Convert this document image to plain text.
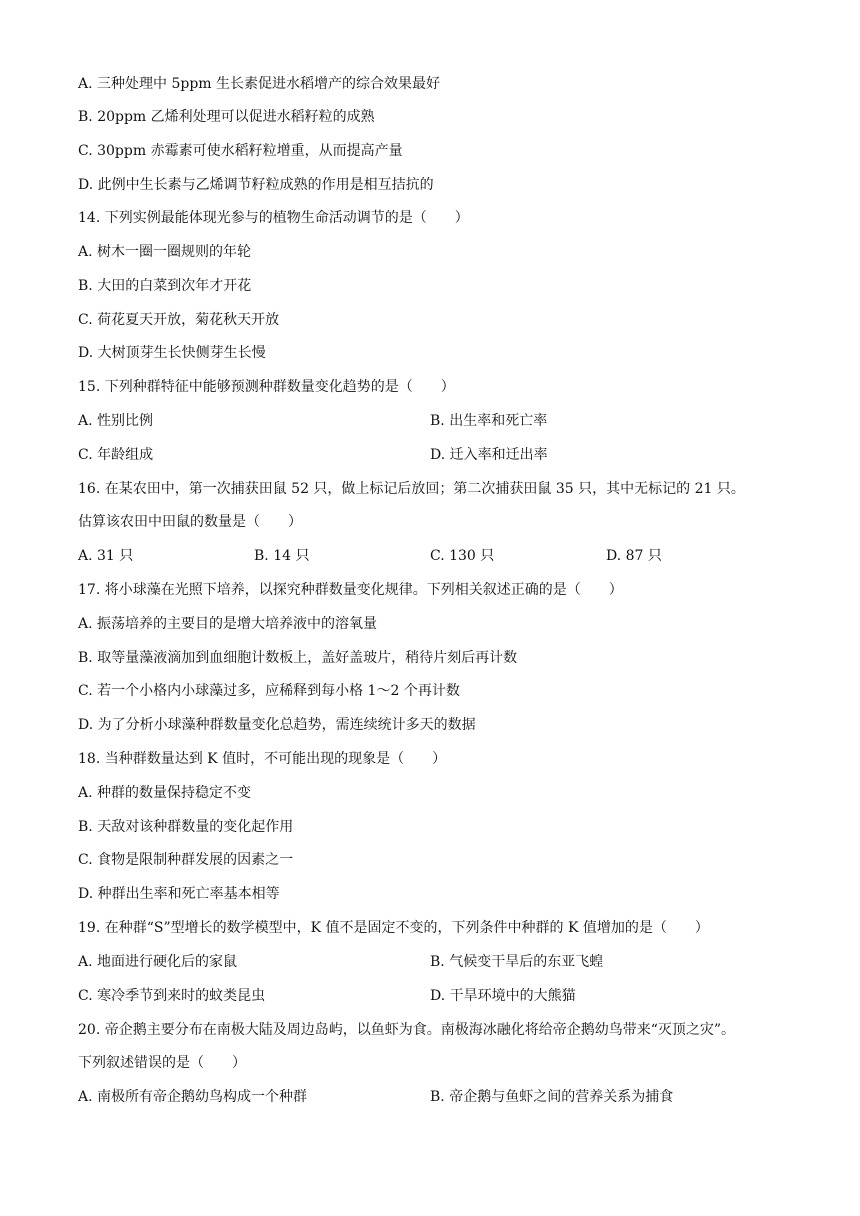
A. 三种处理中 5ppm 生长素促进水稻增产的综合效果最好
B. 20ppm 乙烯利处理可以促进水稻籽粒的成熟
C. 30ppm 赤霉素可使水稻籽粒增重，从而提高产量
D. 此例中生长素与乙烯调节籽粒成熟的作用是相互拮抗的
14. 下列实例最能体现光参与的植物生命活动调节的是（　　）
A. 树木一圈一圈规则的年轮
B. 大田的白菜到次年才开花
C. 荷花夏天开放，菊花秋天开放
D. 大树顶芽生长快侧芽生长慢
15. 下列种群特征中能够预测种群数量变化趋势的是（　　）
A. 性别比例	B. 出生率和死亡率
C. 年龄组成	D. 迁入率和迁出率
16. 在某农田中，第一次捕获田鼠 52 只，做上标记后放回；第二次捕获田鼠 35 只，其中无标记的 21 只。
估算该农田中田鼠的数量是（　　）
A. 31 只	B. 14 只	C. 130 只	D. 87 只
17. 将小球藻在光照下培养，以探究种群数量变化规律。下列相关叙述正确的是（　　）
A. 振荡培养的主要目的是增大培养液中的溶氧量
B. 取等量藻液滴加到血细胞计数板上，盖好盖玻片，稍待片刻后再计数
C. 若一个小格内小球藻过多，应稀释到每小格 1～2 个再计数
D. 为了分析小球藻种群数量变化总趋势，需连续统计多天的数据
18. 当种群数量达到 K 值时，不可能出现的现象是（　　）
A. 种群的数量保持稳定不变
B. 天敌对该种群数量的变化起作用
C. 食物是限制种群发展的因素之一
D. 种群出生率和死亡率基本相等
19. 在种群“S”型增长的数学模型中，K 值不是固定不变的，下列条件中种群的 K 值增加的是（　　）
A. 地面进行硬化后的家鼠	B. 气候变干旱后的东亚飞蝗
C. 寒冷季节到来时的蚊类昆虫	D. 干旱环境中的大熊猫
20. 帝企鹅主要分布在南极大陆及周边岛屿，以鱼虾为食。南极海冰融化将给帝企鹅幼鸟带来“灭顶之灾”。
下列叙述错误的是（　　）
A. 南极所有帝企鹅幼鸟构成一个种群	B. 帝企鹅与鱼虾之间的营养关系为捕食
